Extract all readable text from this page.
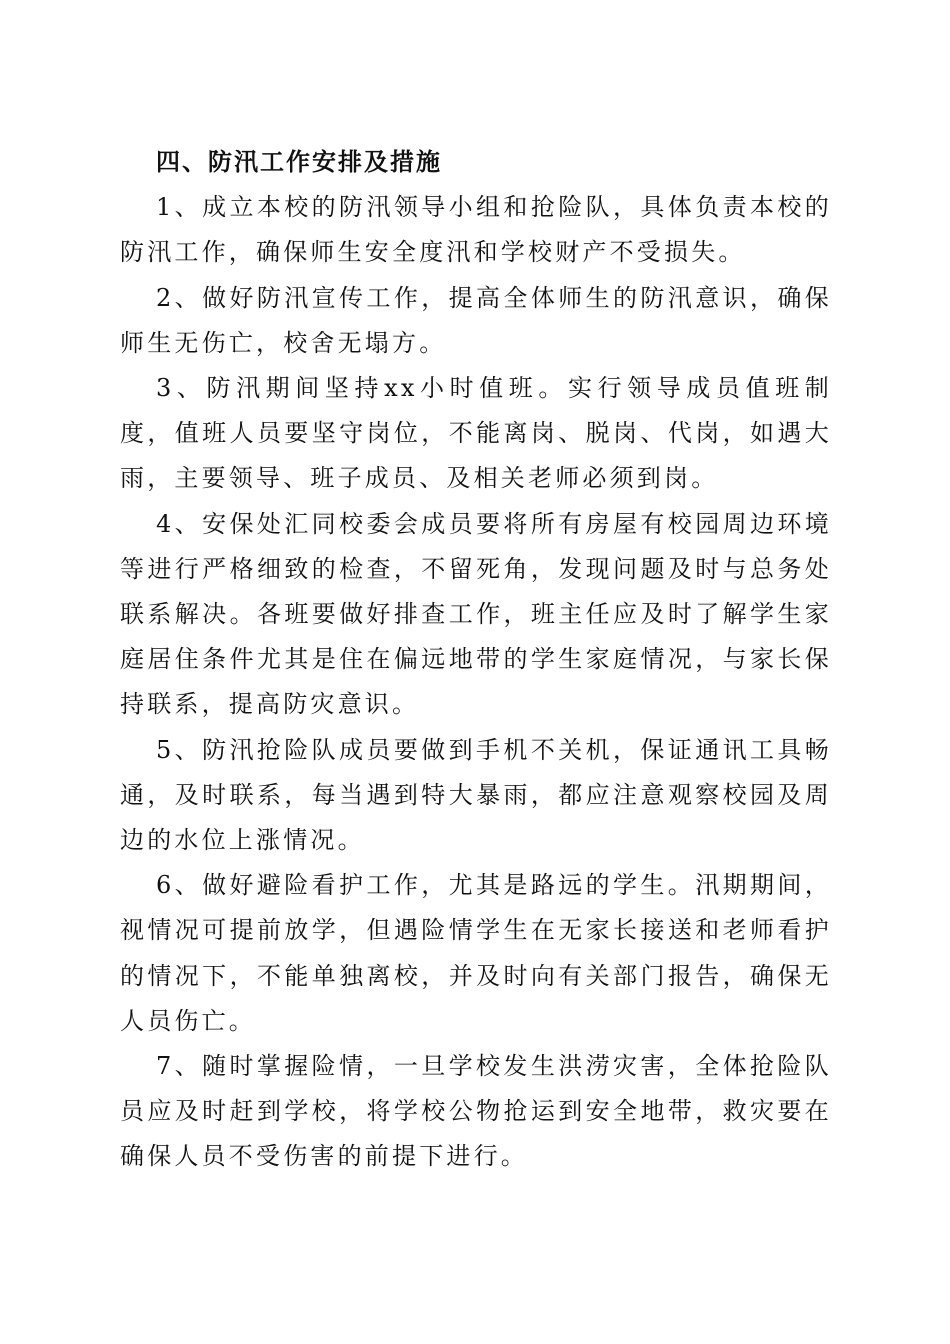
四、防汛工作安排及措施

1、成立本校的防汛领导小组和抢险队，具体负责本校的防汛工作，确保师生安全度汛和学校财产不受损失。

2、做好防汛宣传工作，提高全体师生的防汛意识，确保师生无伤亡，校舍无塌方。

3、防汛期间坚持xx小时值班。实行领导成员值班制度，值班人员要坚守岗位，不能离岗、脱岗、代岗，如遇大雨，主要领导、班子成员、及相关老师必须到岗。

4、安保处汇同校委会成员要将所有房屋有校园周边环境等进行严格细致的检查，不留死角，发现问题及时与总务处联系解决。各班要做好排查工作，班主任应及时了解学生家庭居住条件尤其是住在偏远地带的学生家庭情况，与家长保持联系，提高防灾意识。

5、防汛抢险队成员要做到手机不关机，保证通讯工具畅通，及时联系，每当遇到特大暴雨，都应注意观察校园及周边的水位上涨情况。

6、做好避险看护工作，尤其是路远的学生。汛期期间，视情况可提前放学，但遇险情学生在无家长接送和老师看护的情况下，不能单独离校，并及时向有关部门报告，确保无人员伤亡。

7、随时掌握险情，一旦学校发生洪涝灾害，全体抢险队员应及时赶到学校，将学校公物抢运到安全地带，救灾要在确保人员不受伤害的前提下进行。
